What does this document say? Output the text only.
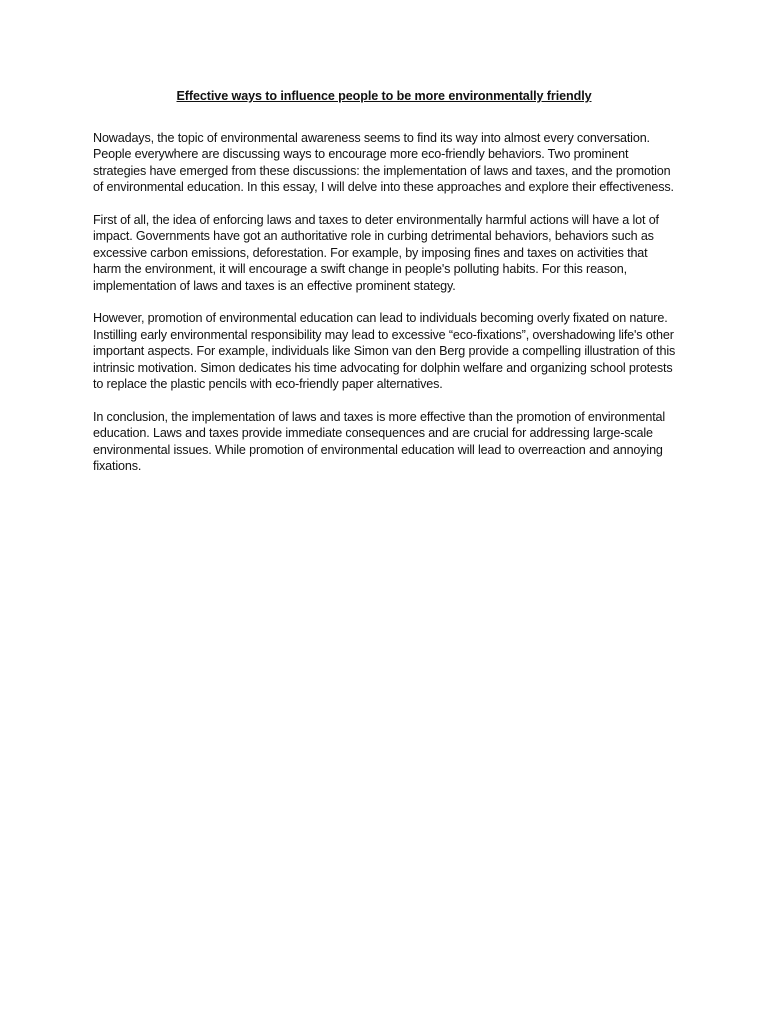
Effective ways to influence people to be more environmentally friendly

Nowadays, the topic of environmental awareness seems to find its way into almost every conversation. People everywhere are discussing ways to encourage more eco-friendly behaviors. Two prominent strategies have emerged from these discussions: the implementation of laws and taxes, and the promotion of environmental education. In this essay, I will delve into these approaches and explore their effectiveness.

First of all, the idea of enforcing laws and taxes to deter environmentally harmful actions will have a lot of impact. Governments have got an authoritative role in curbing detrimental behaviors, behaviors such as excessive carbon emissions, deforestation. For example, by imposing fines and taxes on activities that harm the environment, it will encourage a swift change in people's polluting habits. For this reason, implementation of laws and taxes is an effective prominent stategy.

However, promotion of environmental education can lead to individuals becoming overly fixated on nature. Instilling early environmental responsibility may lead to excessive “eco-fixations”, overshadowing life's other important aspects. For example, individuals like Simon van den Berg provide a compelling illustration of this intrinsic motivation. Simon dedicates his time advocating for dolphin welfare and organizing school protests to replace the plastic pencils with eco-friendly paper alternatives.

In conclusion, the implementation of laws and taxes is more effective than the promotion of environmental education. Laws and taxes provide immediate consequences and are crucial for addressing large-scale environmental issues. While promotion of environmental education will lead to overreaction and annoying fixations.
